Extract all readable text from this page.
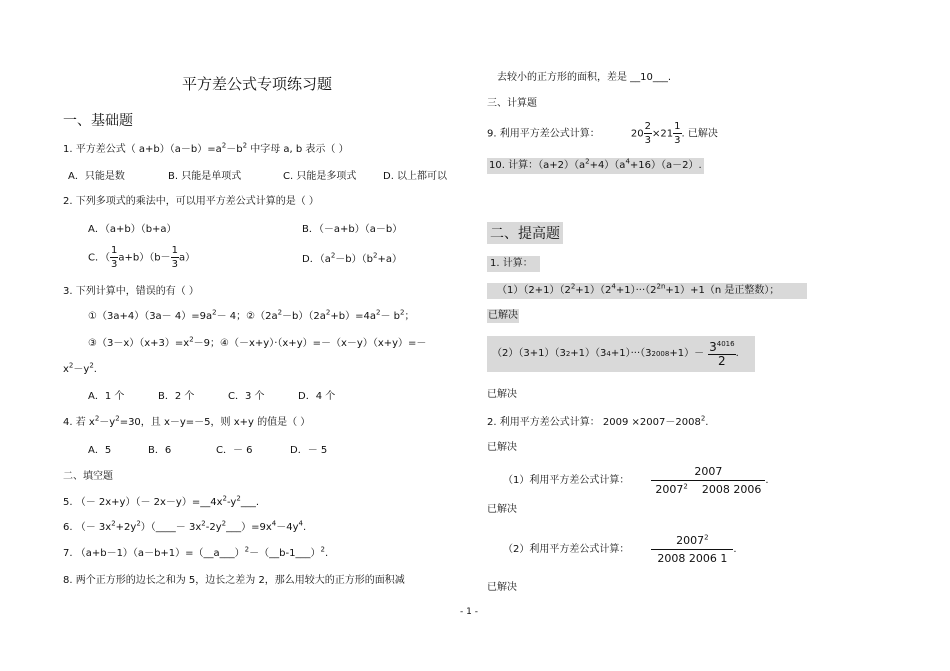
平方差公式专项练习题
一、基础题
1. 平方差公式（ $a+b)(a-b)=a^2-b^2$ 中字母 a, b 表示（ ）
A．只能是数	B. 只能是单项式	C. 只能是多项式	D. 以上都可以
2. 下列多项式的乘法中，可以用平方差公式计算的是（ ）
A．（a+b）（b+a）	B．（－a+b）（a－b）
C．（ $\frac{1}{3} a+b)(b- \frac{1}{3} a)$	D．$(a^2-b)(b^2+a)$
3. 下列计算中，错误的有（ ）
①（3a+4）（3a－ $4)=9a^2- 4$；$②(2a^2-b)(2a^2+b)=4a^2- b^2$；
$③(3-x)(x+3)=x^2-9$；④（－x+y）·（x+y）=－（x－y）（x+y）=－
$x^2-y^2$.
A．1 个	B．2 个	C．3 个	D．4 个
4. 若 $x^2-y^2=30$，且 x－y=－5，则 x+y 的值是（ ）
A．5	B．6	C．－ 6	D．－ 5
二、填空题
5. （－ $2x+y)(- 2x-y)=\_\_4x^2-y^2\_\_\_$.
6. （－ $3x^2+2y^2)(\_\_\_\_-$ $3x^2-2y^2\_\_\_)=9x^4-4y^4$.
7. （a+b－1）（a－b+1）=（__a___）$^2$－（__b-1___）$^2$.
8. 两个正方形的边长之和为 5，边长之差为 2，那么用较大的正方形的面积减
去较小的正方形的面积，差是 __10___.
三、计算题
9. 利用平方差公式计算：	$20 \frac{2}{3} \times 21 \frac{1}{3}$ . 已解决
10. 计算：$(a+2)(a^2+4)(a^4+16)(a-2)$.
二、提高题
1. 计算：
$(1)(2+1)(2^2+1)(2^4+1)\cdot\cdot\cdot(2^{2n}+1)+1(n$ 是正整数）；
已解决
（2）（3+1）（3 2 +1）（3 4 +1）···（3 $2008 +1)- \frac{3^{4016}}{2}$ .
已解决
2. 利用平方差公式计算： $2009 \times 2007-2008^2$.
已解决
（1）利用平方差公式计算： $\frac{2007}{2007^2 2008 2006}$ .
已解决
（2）利用平方差公式计算： $\frac{2007^2}{2008 2006 1}$ .
已解决
- 1 -
